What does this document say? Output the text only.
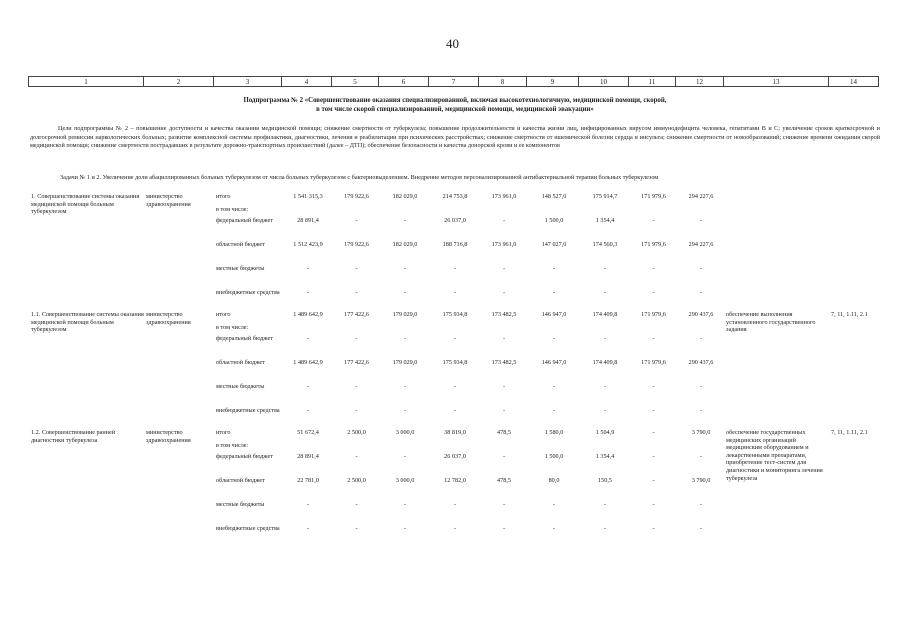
40
1	2	3	4	5	6	7	8	9	10	11	12	13	14
Подпрограмма № 2 «Совершенствование оказания специализированной, включая высокотехнологичную, медицинской помощи, скорой,
в том числе скорой специализированной, медицинской помощи, медицинской эвакуации»
Цели подпрограммы № 2 – повышение доступности и качества оказания медицинской помощи; снижение смертности от туберкулеза; повышение продолжительности и качества жизни лиц, инфицированных вирусом иммунодефицита человека, гепатитами В и С; увеличение сроков краткосрочной и долгосрочной ремиссии наркологических больных; развитие комплексной системы профилактики, диагностики, лечения и реабилитации при психических расстройствах; снижение смертности от ишемической болезни сердца и инсульта; снижение смертности от новообразований; снижение времени ожидания скорой медицинской помощи; снижение смертности пострадавших в результате дорожно-транспортных происшествий (далее – ДТП); обеспечение безопасности и качества донорской крови и ее компонентов
Задачи № 1 и 2. Увеличение доли абациллированных больных туберкулезом от числа больных туберкулезом с бактериовыделением. Внедрение методов персонализированной антибактериальной терапии больных туберкулезом
1. Совершенствование системы оказания медицинской помощи больным туберкулезом	министерство здравоохранения	итого	1 541 315,3	179 922,6	182 029,0	214 753,8	173 961,0	148 527,0	175 914,7	171 979,6	294 227,6		
		в том числе:											
		федеральный бюджет	28 891,4	-	-	26 037,0	-	1 500,0	1 354,4	-	-		
		областной бюджет	1 512 423,9	179 922,6	182 029,0	188 716,8	173 961,0	147 027,0	174 560,3	171 979,6	294 227,6		
		местные бюджеты	-	-	-	-	-	-	-	-	-		
		внебюджетные средства	-	-	-	-	-	-	-	-	-		
1.1. Совершенствование системы оказания медицинской помощи больным туберкулезом	министерство здравоохранения	итого	1 489 642,9	177 422,6	179 029,0	175 934,8	173 482,5	146 947,0	174 409,8	171 979,6	290 437,6	обеспечение выполнения установленного государственного задания	7, 11, 1.11, 2.1
		в том числе:											
		федеральный бюджет	-	-	-	-	-	-	-	-	-		
		областной бюджет	1 489 642,9	177 422,6	179 029,0	175 934,8	173 482,5	146 947,0	174 409,8	171 979,6	290 437,6		
		местные бюджеты	-	-	-	-	-	-	-	-	-		
		внебюджетные средства	-	-	-	-	-	-	-	-	-		
1.2. Совершенствование ранней диагностики туберкулеза	министерство здравоохранения	итого	51 672,4	2 500,0	3 000,0	38 819,0	478,5	1 580,0	1 504,9	-	3 790,0	обеспечение государственных медицинских организаций медицинским оборудованием и лекарственными препаратами, приобретение тест-систем для диагностики и мониторинга лечения туберкулеза	7, 11, 1.11, 2.1
		в том числе:											
		федеральный бюджет	28 891,4	-	-	26 037,0	-	1 500,0	1 354,4	-	-		
		областной бюджет	22 781,0	2 500,0	3 000,0	12 782,0	478,5	80,0	150,5	-	3 790,0		
		местные бюджеты	-	-	-	-	-	-	-	-	-		
		внебюджетные средства	-	-	-	-	-	-	-	-	-		
